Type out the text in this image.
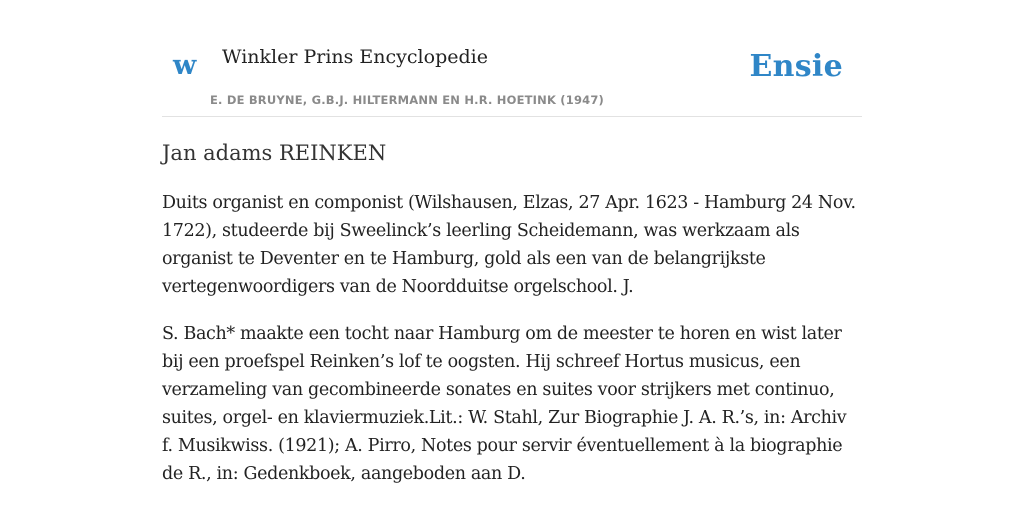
w Winkler Prins Encyclopedie
E. DE BRUYNE, G.B.J. HILTERMANN EN H.R. HOETINK (1947)
Ensie
Jan adams REINKEN

Duits organist en componist (Wilshausen, Elzas, 27 Apr. 1623 - Hamburg 24 Nov. 1722), studeerde bij Sweelinck’s leerling Scheidemann, was werkzaam als organist te Deventer en te Hamburg, gold als een van de belangrijkste vertegenwoordigers van de Noordduitse orgelschool. J.

S. Bach* maakte een tocht naar Hamburg om de meester te horen en wist later bij een proefspel Reinken’s lof te oogsten. Hij schreef Hortus musicus, een verzameling van gecombineerde sonates en suites voor strijkers met continuo, suites, orgel- en klaviermuziek.Lit.: W. Stahl, Zur Biographie J. A. R.’s, in: Archiv f. Musikwiss. (1921); A. Pirro, Notes pour servir éventuellement à la biographie de R., in: Gedenkboek, aangeboden aan D.
